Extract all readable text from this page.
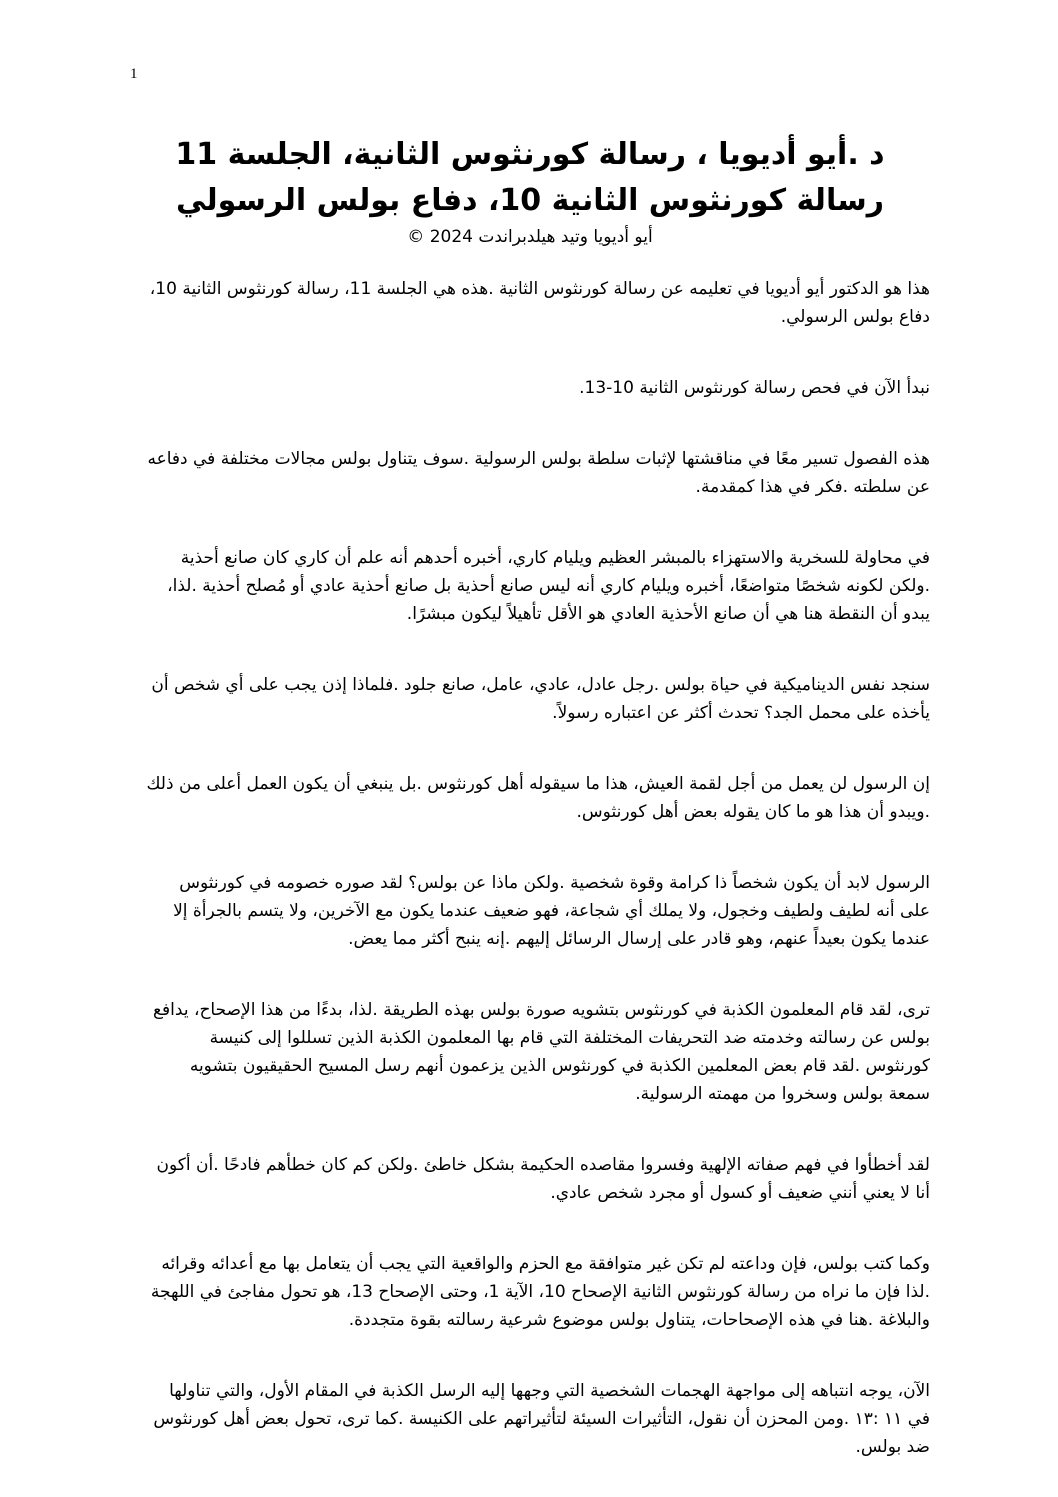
1
د .أيو أديويا ، رسالة كورنثوس الثانية، الجلسة 11
رسالة كورنثوس الثانية 10، دفاع بولس الرسولي
أيو أديويا وتيد هيلدبراندت 2024 ©

هذا هو الدكتور أيو أديويا في تعليمه عن رسالة كورنثوس الثانية .هذه هي الجلسة 11، رسالة كورنثوس الثانية 10، دفاع بولس الرسولي.

نبدأ الآن في فحص رسالة كورنثوس الثانية 10-13.

هذه الفصول تسير معًا في مناقشتها لإثبات سلطة بولس الرسولية .سوف يتناول بولس مجالات مختلفة في دفاعه عن سلطته .فكر في هذا كمقدمة.

في محاولة للسخرية والاستهزاء بالمبشر العظيم ويليام كاري، أخبره أحدهم أنه علم أن كاري كان صانع أحذية .ولكن لكونه شخصًا متواضعًا، أخبره ويليام كاري أنه ليس صانع أحذية بل صانع أحذية عادي أو مُصلح أحذية .لذا، يبدو أن النقطة هنا هي أن صانع الأحذية العادي هو الأقل تأهيلاً ليكون مبشرًا.

سنجد نفس الديناميكية في حياة بولس .رجل عادل، عادي، عامل، صانع جلود .فلماذا إذن يجب على أي شخص أن يأخذه على محمل الجد؟ تحدث أكثر عن اعتباره رسولاً.

إن الرسول لن يعمل من أجل لقمة العيش، هذا ما سيقوله أهل كورنثوس .بل ينبغي أن يكون العمل أعلى من ذلك .ويبدو أن هذا هو ما كان يقوله بعض أهل كورنثوس.

الرسول لابد أن يكون شخصاً ذا كرامة وقوة شخصية .ولكن ماذا عن بولس؟ لقد صوره خصومه في كورنثوس على أنه لطيف ولطيف وخجول، ولا يملك أي شجاعة، فهو ضعيف عندما يكون مع الآخرين، ولا يتسم بالجرأة إلا عندما يكون بعيداً عنهم، وهو قادر على إرسال الرسائل إليهم .إنه ينبح أكثر مما يعض.

ترى، لقد قام المعلمون الكذبة في كورنثوس بتشويه صورة بولس بهذه الطريقة .لذا، بدءًا من هذا الإصحاح، يدافع بولس عن رسالته وخدمته ضد التحريفات المختلفة التي قام بها المعلمون الكذبة الذين تسللوا إلى كنيسة كورنثوس .لقد قام بعض المعلمين الكذبة في كورنثوس الذين يزعمون أنهم رسل المسيح الحقيقيون بتشويه سمعة بولس وسخروا من مهمته الرسولية.

لقد أخطأوا في فهم صفاته الإلهية وفسروا مقاصده الحكيمة بشكل خاطئ .ولكن كم كان خطأهم فادحًا .أن أكون أنا لا يعني أنني ضعيف أو كسول أو مجرد شخص عادي.

وكما كتب بولس، فإن وداعته لم تكن غير متوافقة مع الحزم والواقعية التي يجب أن يتعامل بها مع أعدائه وقرائه .لذا فإن ما نراه من رسالة كورنثوس الثانية الإصحاح 10، الآية 1، وحتى الإصحاح 13، هو تحول مفاجئ في اللهجة والبلاغة .هنا في هذه الإصحاحات، يتناول بولس موضوع شرعية رسالته بقوة متجددة.

الآن، يوجه انتباهه إلى مواجهة الهجمات الشخصية التي وجهها إليه الرسل الكذبة في المقام الأول، والتي تناولها في ١١ :١٣ .ومن المحزن أن نقول، التأثيرات السيئة لتأثيراتهم على الكنيسة .كما ترى، تحول بعض أهل كورنثوس ضد بولس.
